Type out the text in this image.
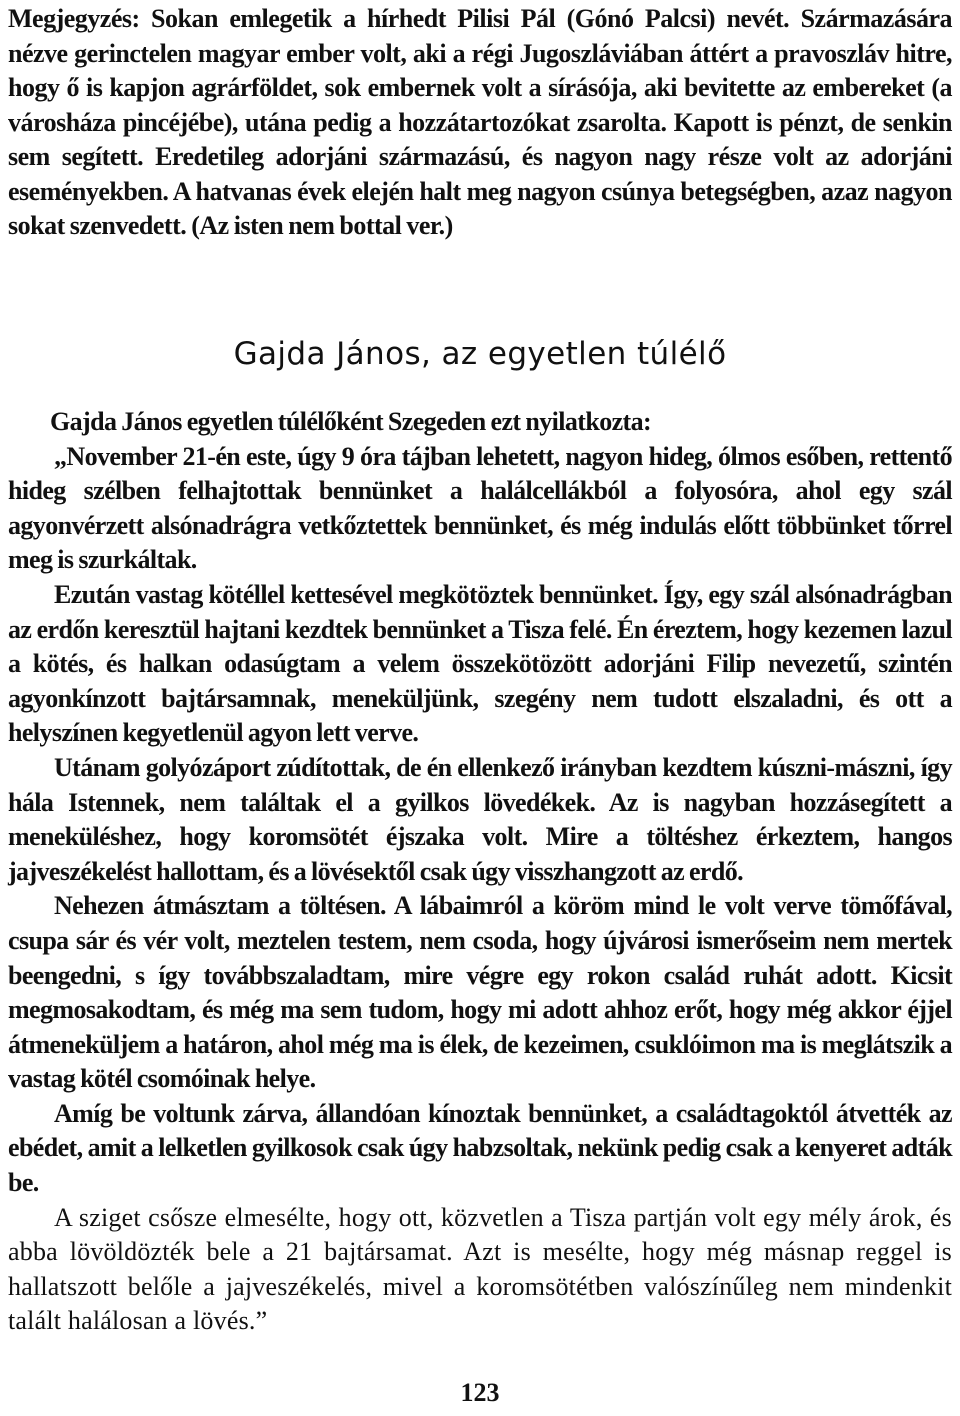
Megjegyzés: Sokan emlegetik a hírhedt Pilisi Pál (Gónó Palcsi) nevét. Származására nézve gerinctelen magyar ember volt, aki a régi Jugoszláviában áttért a pravoszláv hitre, hogy ő is kapjon agrárföldet, sok embernek volt a sírásója, aki bevitette az embereket (a városháza pincéjébe), utána pedig a hozzátartozókat zsarolta. Kapott is pénzt, de senkin sem segített. Eredetileg adorjáni származású, és nagyon nagy része volt az adorjáni eseményekben. A hatvanas évek elején halt meg nagyon csúnya betegségben, azaz nagyon sokat szenvedett. (Az isten nem bottal ver.)

Gajda János, az egyetlen túlélő

Gajda János egyetlen túlélőként Szegeden ezt nyilatkozta:

„November 21-én este, úgy 9 óra tájban lehetett, nagyon hideg, ólmos esőben, rettentő hideg szélben felhajtottak bennünket a halálcellákból a folyosóra, ahol egy szál agyonvérzett alsónadrágra vetkőztettek bennünket, és még indulás előtt többünket tőrrel meg is szurkáltak.

Ezután vastag kötéllel kettesével megkötöztek bennünket. Így, egy szál alsónadrágban az erdőn keresztül hajtani kezdtek bennünket a Tisza felé. Én éreztem, hogy kezemen lazul a kötés, és halkan odasúgtam a velem összekötözött adorjáni Filip nevezetű, szintén agyonkínzott bajtársamnak, meneküljünk, szegény nem tudott elszaladni, és ott a helyszínen kegyetlenül agyon lett verve.

Utánam golyózáport zúdítottak, de én ellenkező irányban kezdtem kúszni-mászni, így hála Istennek, nem találtak el a gyilkos lövedékek. Az is nagyban hozzásegített a meneküléshez, hogy koromsötét éjszaka volt. Mire a töltéshez érkeztem, hangos jajveszékelést hallottam, és a lövésektől csak úgy visszhangzott az erdő.

Nehezen átmásztam a töltésen. A lábaimról a köröm mind le volt verve tömőfával, csupa sár és vér volt, meztelen testem, nem csoda, hogy újvárosi ismerőseim nem mertek beengedni, s így továbbszaladtam, mire végre egy rokon család ruhát adott. Kicsit megmosakodtam, és még ma sem tudom, hogy mi adott ahhoz erőt, hogy még akkor éjjel átmeneküljem a határon, ahol még ma is élek, de kezeimen, csuklóimon ma is meglátszik a vastag kötél csomóinak helye.

Amíg be voltunk zárva, állandóan kínoztak bennünket, a családtagoktól átvették az ebédet, amit a lelketlen gyilkosok csak úgy habzsoltak, nekünk pedig csak a kenyeret adták be.

A sziget csősze elmesélte, hogy ott, közvetlen a Tisza partján volt egy mély árok, és abba lövöldözték bele a 21 bajtársamat. Azt is mesélte, hogy még másnap reggel is hallatszott belőle a jajveszékelés, mivel a koromsötétben valószínűleg nem mindenkit talált halálosan a lövés.”

123
